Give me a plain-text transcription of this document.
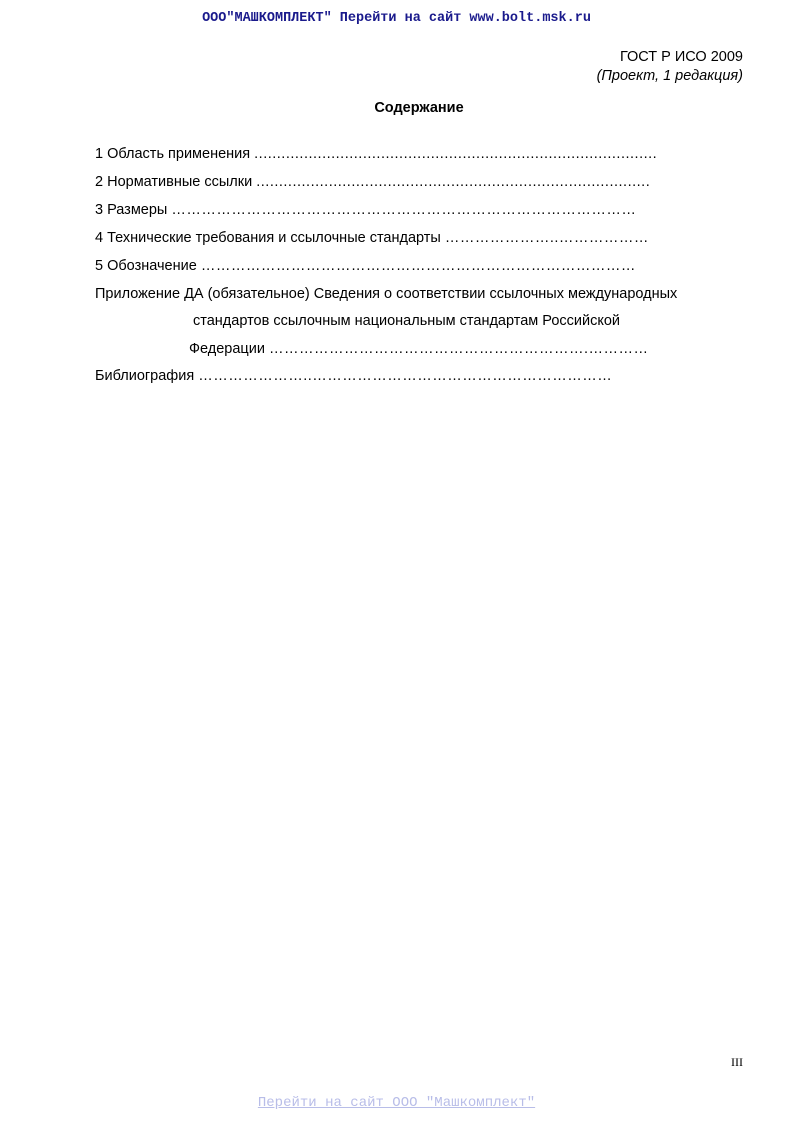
ООО"МАШКОМПЛЕКТ" Перейти на сайт www.bolt.msk.ru
ГОСТ Р ИСО 2009
(Проект, 1 редакция)
Содержание
1 Область применения .........................................................................................
2 Нормативные ссылки .......................................................................................
3 Размеры …………………………………………………………………………………
4 Технические требования и ссылочные стандарты …………………..………………
5 Обозначение ……………………………………………………………………………
Приложение ДА (обязательное) Сведения о соответствии ссылочных международных
стандартов ссылочным национальным стандартам Российской
Федерации ……………………………………………………….…………
Библиография …………………..……………………………………………………
III
Перейти на сайт ООО "Машкомплект"
